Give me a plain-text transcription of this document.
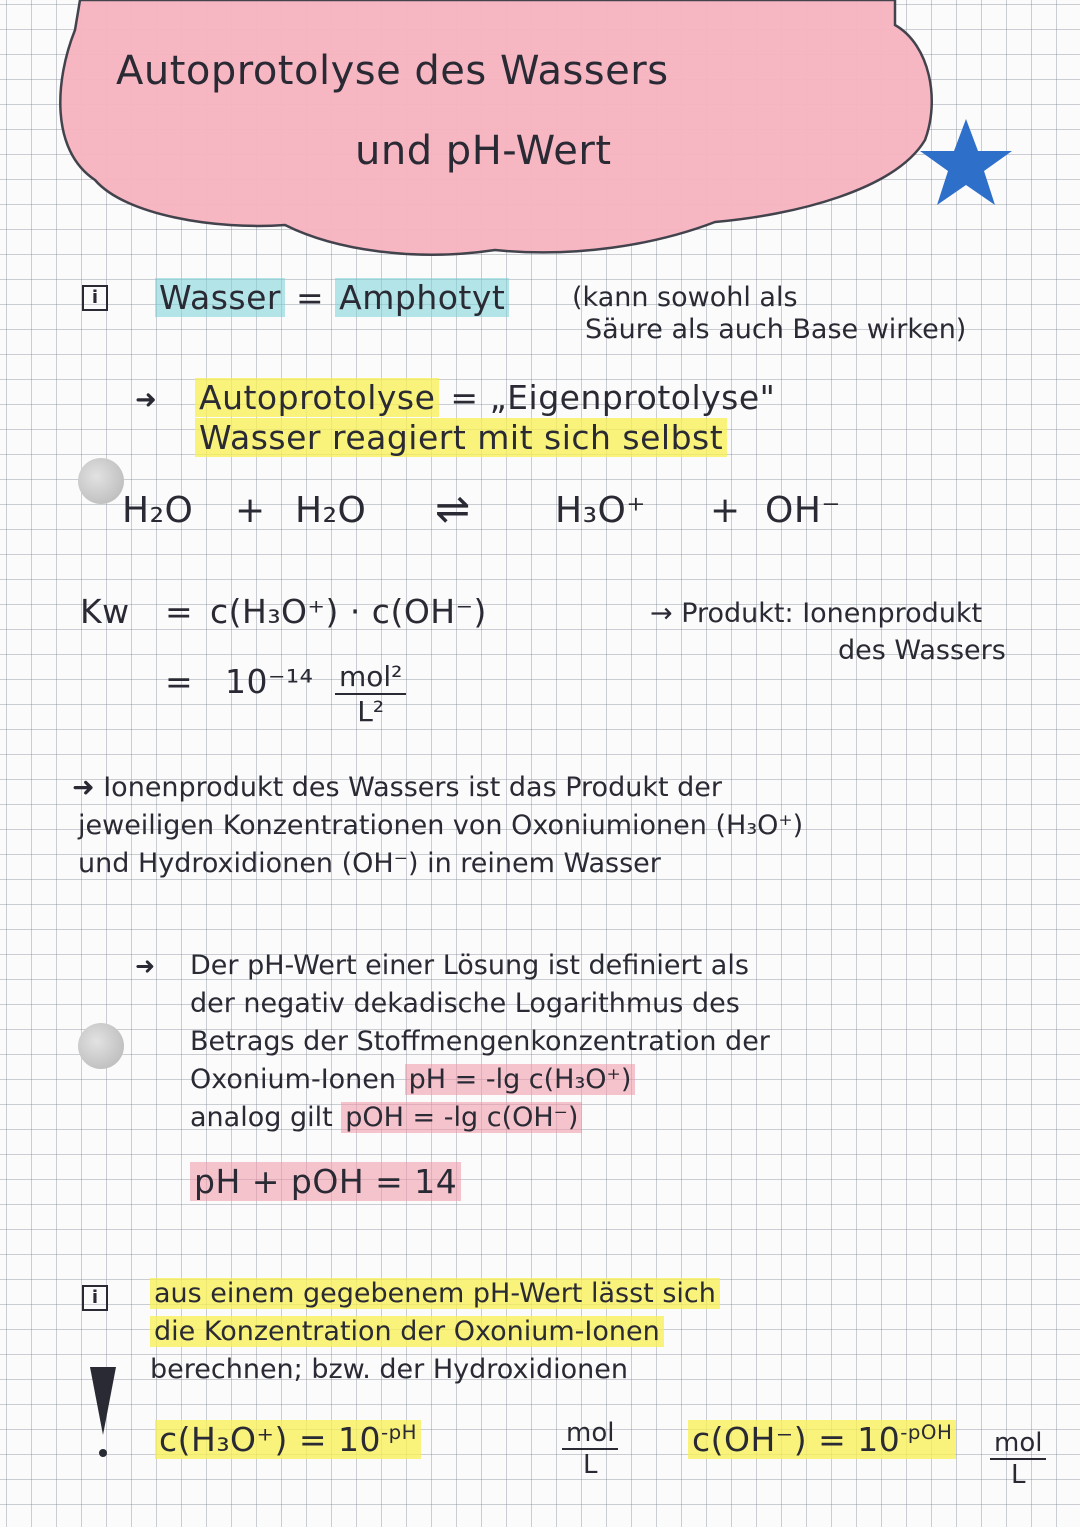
Autoprotolyse des Wassers
und pH-Wert
i	Wasser = Amphotyt (kann sowohl als
Säure als auch Base wirken)
➜ Autoprotolyse = „Eigenprotolyse"
Wasser reagiert mit sich selbst
H₂O + H₂O ⇌ H₃O⁺ + OH⁻
Kw = c(H₃O⁺) · c(OH⁻)	→ Produkt: Ionenprodukt
des Wassers
= 10⁻¹⁴ mol²
L²
➜ Ionenprodukt des Wassers ist das Produkt der
jeweiligen Konzentrationen von Oxoniumionen (H₃O⁺)
und Hydroxidionen (OH⁻) in reinem Wasser
➜ Der pH-Wert einer Lösung ist definiert als
der negativ dekadische Logarithmus des
Betrags der Stoffmengenkonzentration der
Oxonium-Ionen pH = -lg c(H₃O⁺)
analog gilt pOH = -lg c(OH⁻)
pH + pOH = 14
i	aus einem gegebenem pH-Wert lässt sich
die Konzentration der Oxonium-Ionen
berechnen; bzw. der Hydroxidionen
$c(H_3O^+) = 10^{-pH}$	mol
L
$c(OH^-) = 10^{-pOH}$ mol
L
